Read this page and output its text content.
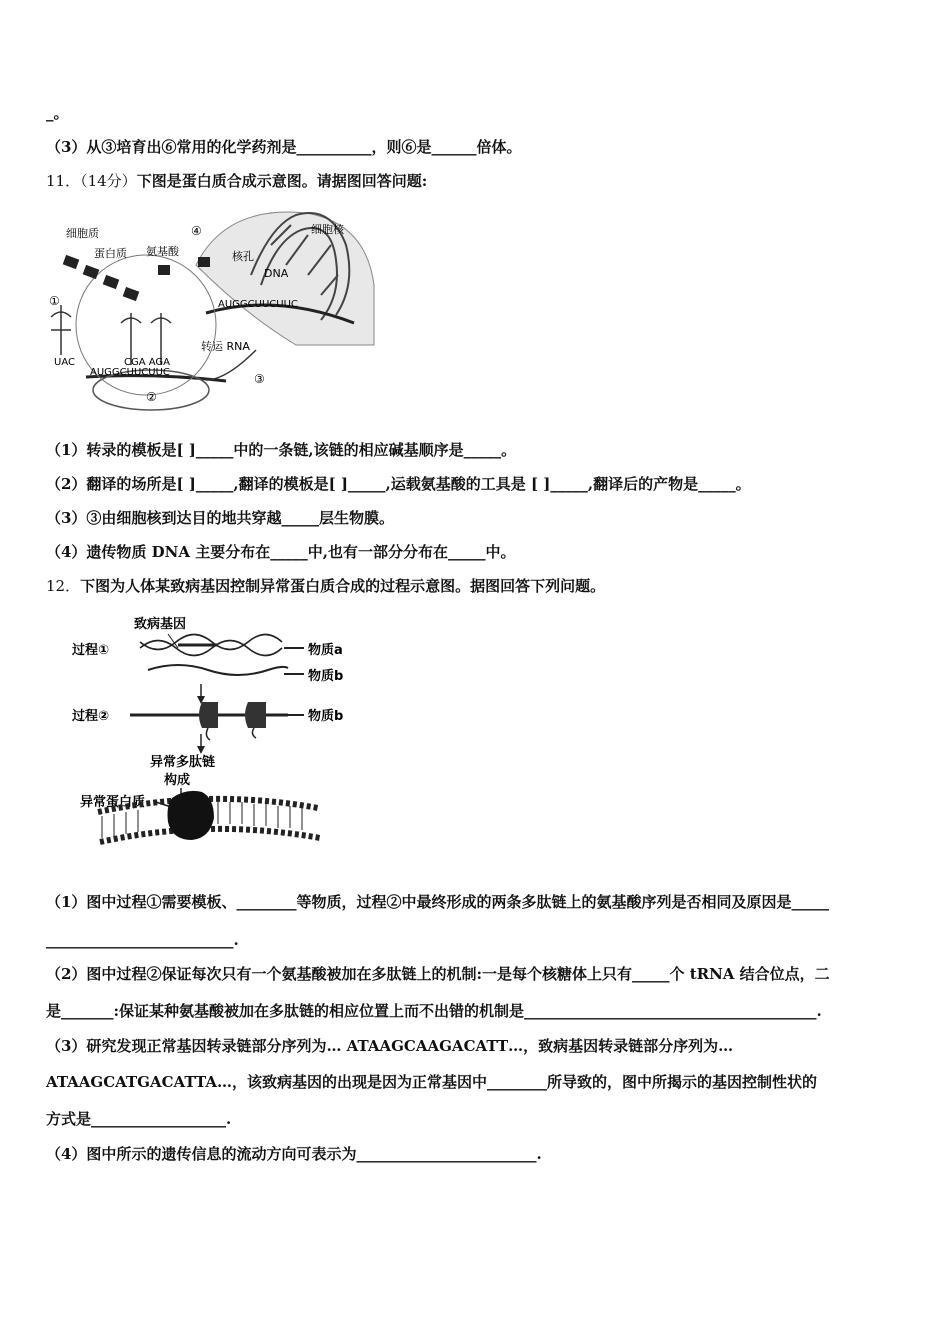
_。
（3）从③培育出⑥常用的化学药剂是__________，则⑥是______倍体。
11．（14分）下图是蛋白质合成示意图。请据图回答问题:
细胞质
蛋白质 氨基酸
④	细胞核
核孔
DNA
AUGGCUUCUUC
①
UAC	CGA AGA
转运 RNA
AUGGCUUCUUC	③
②
（1）转录的模板是[ ]_____中的一条链,该链的相应碱基顺序是_____。
（2）翻译的场所是[ ]_____,翻译的模板是[ ]_____,运载氨基酸的工具是 [ ]_____,翻译后的产物是_____。
（3）③由细胞核到达目的地共穿越_____层生物膜。
（4）遗传物质 DNA 主要分布在_____中,也有一部分分布在_____中。
12．下图为人体某致病基因控制异常蛋白质合成的过程示意图。据图回答下列问题。
致病基因
过程①	物质a
物质b
过程②	物质b
异常多肽链
构成
异常蛋白质
（1）图中过程①需要模板、________等物质，过程②中最终形成的两条多肽链上的氨基酸序列是否相同及原因是_____
_________________________.
（2）图中过程②保证每次只有一个氨基酸被加在多肽链上的机制:一是每个核糖体上只有_____个 tRNA 结合位点，二
是_______:保证某种氨基酸被加在多肽链的相应位置上而不出错的机制是_______________________________________.
（3）研究发现正常基因转录链部分序列为… ATAAGCAAGACATT…，致病基因转录链部分序列为…
ATAAGCATGACATTA…，该致病基因的出现是因为正常基因中________所导致的，图中所揭示的基因控制性状的
方式是__________________.
（4）图中所示的遗传信息的流动方向可表示为________________________.
